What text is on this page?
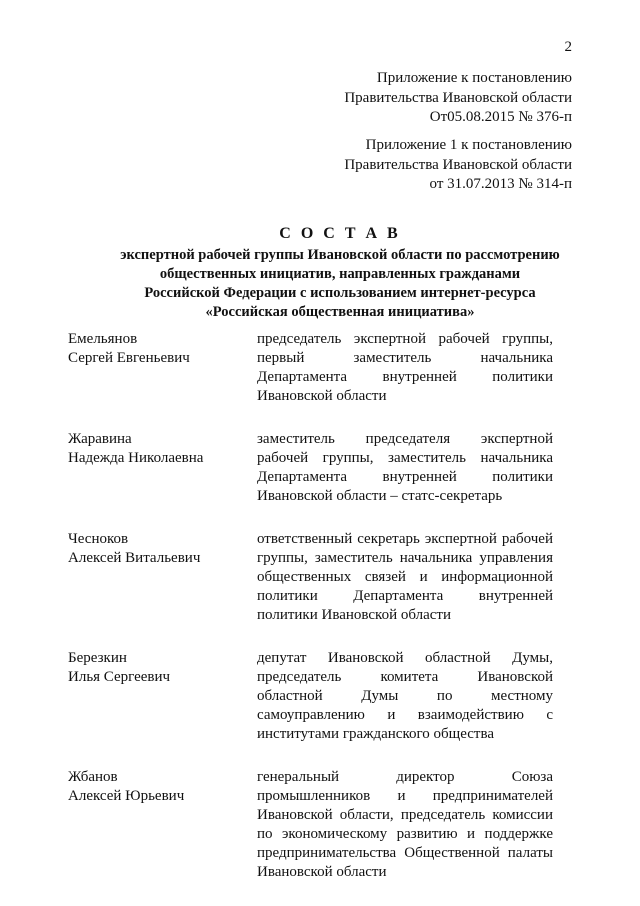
2
Приложение к постановлению
Правительства Ивановской области
От05.08.2015 № 376-п
Приложение 1 к постановлению
Правительства Ивановской области
от 31.07.2013 № 314-п
С О С Т А В
экспертной рабочей группы Ивановской области по рассмотрению
общественных инициатив, направленных гражданами
Российской Федерации с использованием интернет-ресурса
«Российская общественная инициатива»
Емельянов
Сергей Евгеньевич
председатель экспертной рабочей группы,
первый заместитель начальника
Департамента внутренней политики
Ивановской области
Жаравина
Надежда Николаевна
заместитель председателя экспертной
рабочей группы, заместитель начальника
Департамента внутренней политики
Ивановской области – статс-секретарь
Чесноков
Алексей Витальевич
ответственный секретарь экспертной рабочей
группы, заместитель начальника управления
общественных связей и информационной
политики Департамента внутренней
политики Ивановской области
Березкин
Илья Сергеевич
депутат Ивановской областной Думы,
председатель комитета Ивановской
областной Думы по местному
самоуправлению и взаимодействию с
институтами гражданского общества
Жбанов
Алексей Юрьевич
генеральный директор Союза
промышленников и предпринимателей
Ивановской области, председатель комиссии
по экономическому развитию и поддержке
предпринимательства Общественной палаты
Ивановской области
